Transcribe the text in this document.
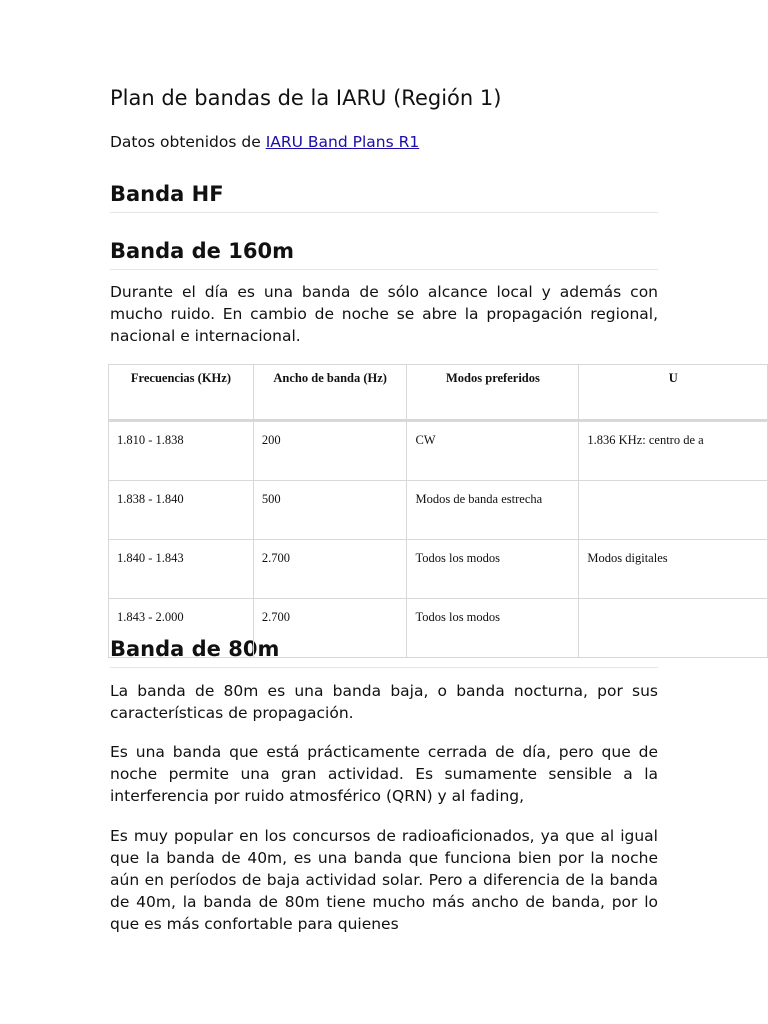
Plan de bandas de la IARU (Región 1)

Datos obtenidos de IARU Band Plans R1

Banda HF
Banda de 160m

Durante el día es una banda de sólo alcance local y además con mucho ruido. En cambio de noche se abre la propagación regional, nacional e internacional.

Banda de 80m

La banda de 80m es una banda baja, o banda nocturna, por sus características de propagación.

Es una banda que está prácticamente cerrada de día, pero que de noche permite una gran actividad. Es sumamente sensible a la interferencia por ruido atmosférico (QRN) y al fading,

Es muy popular en los concursos de radioaficionados, ya que al igual que la banda de 40m, es una banda que funciona bien por la noche aún en períodos de baja actividad solar. Pero a diferencia de la banda de 40m, la banda de 80m tiene mucho más ancho de banda, por lo que es más confortable para quienes

Frecuencias (KHz)	Ancho de banda (Hz)	Modos preferidos	U
1.810 - 1.838	200	CW	1.836 KHz: centro de a
1.838 - 1.840	500	Modos de banda estrecha	
1.840 - 1.843	2.700	Todos los modos	Modos digitales
1.843 - 2.000	2.700	Todos los modos	
